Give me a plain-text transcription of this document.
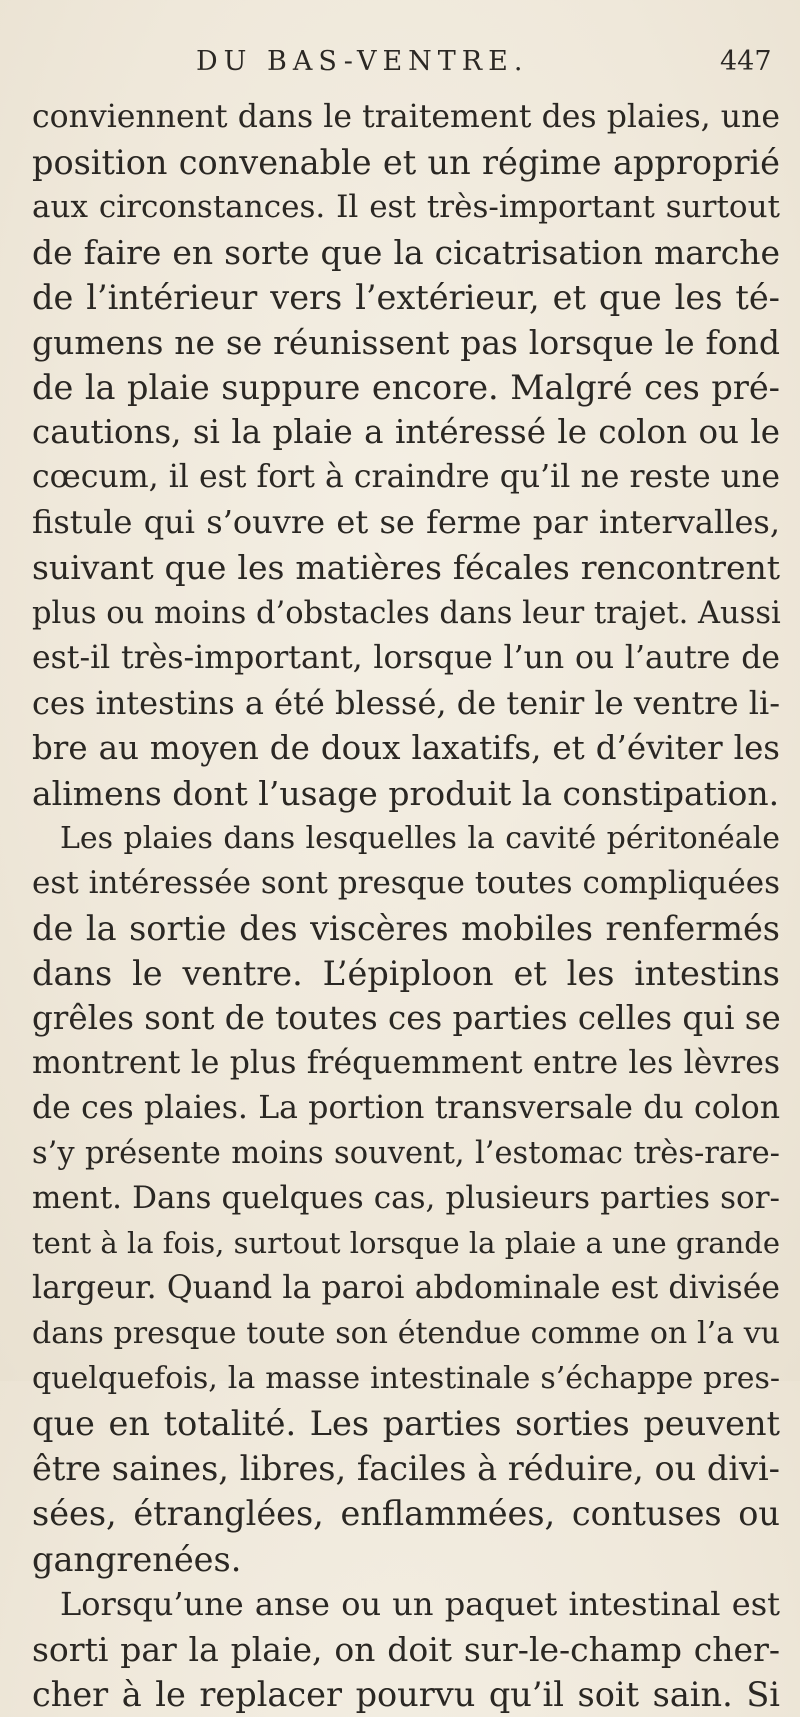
DU BAS-VENTRE.	447
conviennent dans le traitement des plaies, une
position convenable et un régime approprié
aux circonstances. Il est très-important surtout
de faire en sorte que la cicatrisation marche
de l’intérieur vers l’extérieur, et que les té-
gumens ne se réunissent pas lorsque le fond
de la plaie suppure encore. Malgré ces pré-
cautions, si la plaie a intéressé le colon ou le
cœcum, il est fort à craindre qu’il ne reste une
fistule qui s’ouvre et se ferme par intervalles,
suivant que les matières fécales rencontrent
plus ou moins d’obstacles dans leur trajet. Aussi
est-il très-important, lorsque l’un ou l’autre de
ces intestins a été blessé, de tenir le ventre li-
bre au moyen de doux laxatifs, et d’éviter les
alimens dont l’usage produit la constipation.
Les plaies dans lesquelles la cavité péritonéale
est intéressée sont presque toutes compliquées
de la sortie des viscères mobiles renfermés
dans le ventre. L’épiploon et les intestins
grêles sont de toutes ces parties celles qui se
montrent le plus fréquemment entre les lèvres
de ces plaies. La portion transversale du colon
s’y présente moins souvent, l’estomac très-rare-
ment. Dans quelques cas, plusieurs parties sor-
tent à la fois, surtout lorsque la plaie a une grande
largeur. Quand la paroi abdominale est divisée
dans presque toute son étendue comme on l’a vu
quelquefois, la masse intestinale s’échappe pres-
que en totalité. Les parties sorties peuvent
être saines, libres, faciles à réduire, ou divi-
sées, étranglées, enflammées, contuses ou
gangrenées.
Lorsqu’une anse ou un paquet intestinal est
sorti par la plaie, on doit sur-le-champ cher-
cher à le replacer pourvu qu’il soit sain. Si
